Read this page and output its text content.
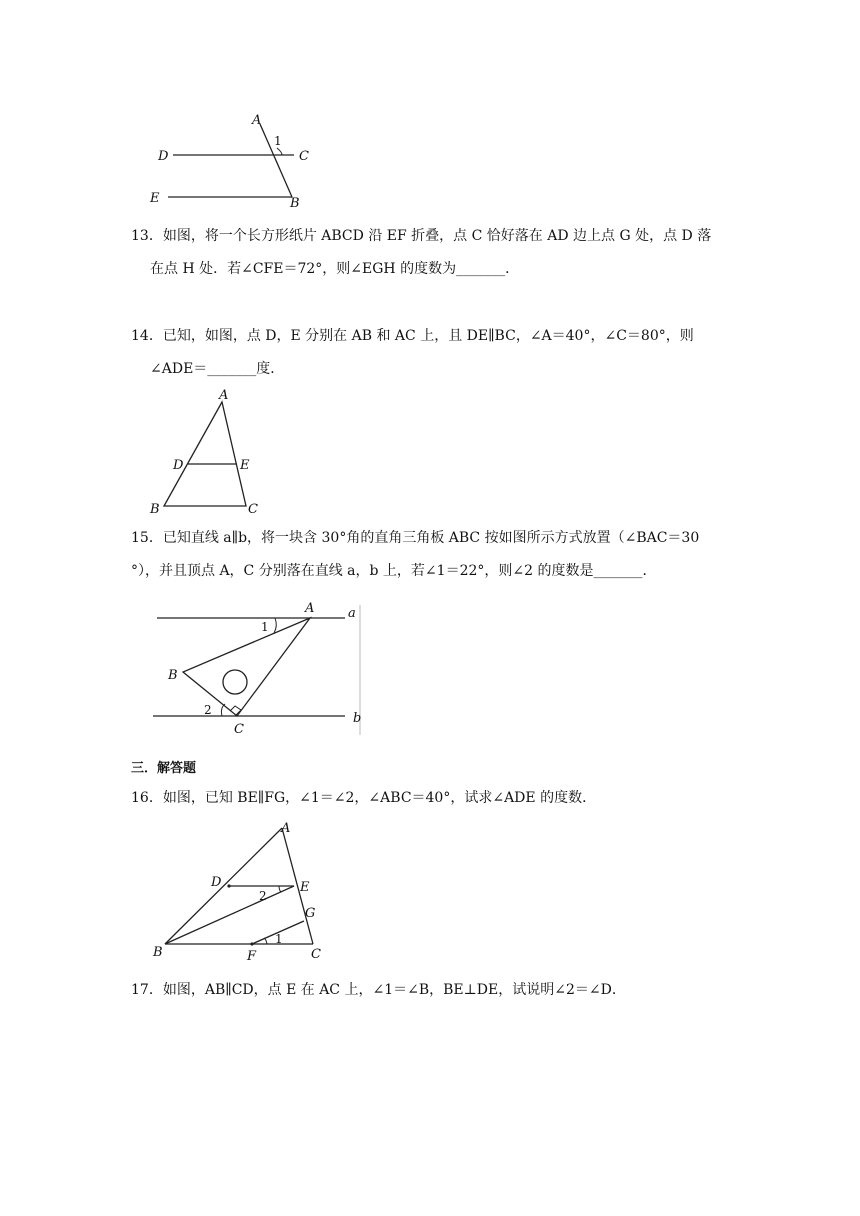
A
1
D	C
E	B
13．如图，将一个长方形纸片 ABCD 沿 EF 折叠，点 C 恰好落在 AD 边上点 G 处，点 D 落
在点 H 处．若∠CFE＝72°，则∠EGH 的度数为_______．
14．已知，如图，点 D，E 分别在 AB 和 AC 上，且 DE∥BC，∠A＝40°，∠C＝80°，则
∠ADE＝_______度．
A
D	E
B	C
15．已知直线 a∥b，将一块含 30°角的直角三角板 ABC 按如图所示方式放置（∠BAC＝30
°），并且顶点 A，C 分别落在直线 a，b 上，若∠1＝22°，则∠2 的度数是_______．
A	a
1
B
2
C
b
三．解答题
16．如图，已知 BE∥FG，∠1＝∠2，∠ABC＝40°，试求∠ADE 的度数．
A
D	E
2
G
1
B	F	C
17．如图，AB∥CD，点 E 在 AC 上，∠1＝∠B，BE⊥DE，试说明∠2＝∠D．
